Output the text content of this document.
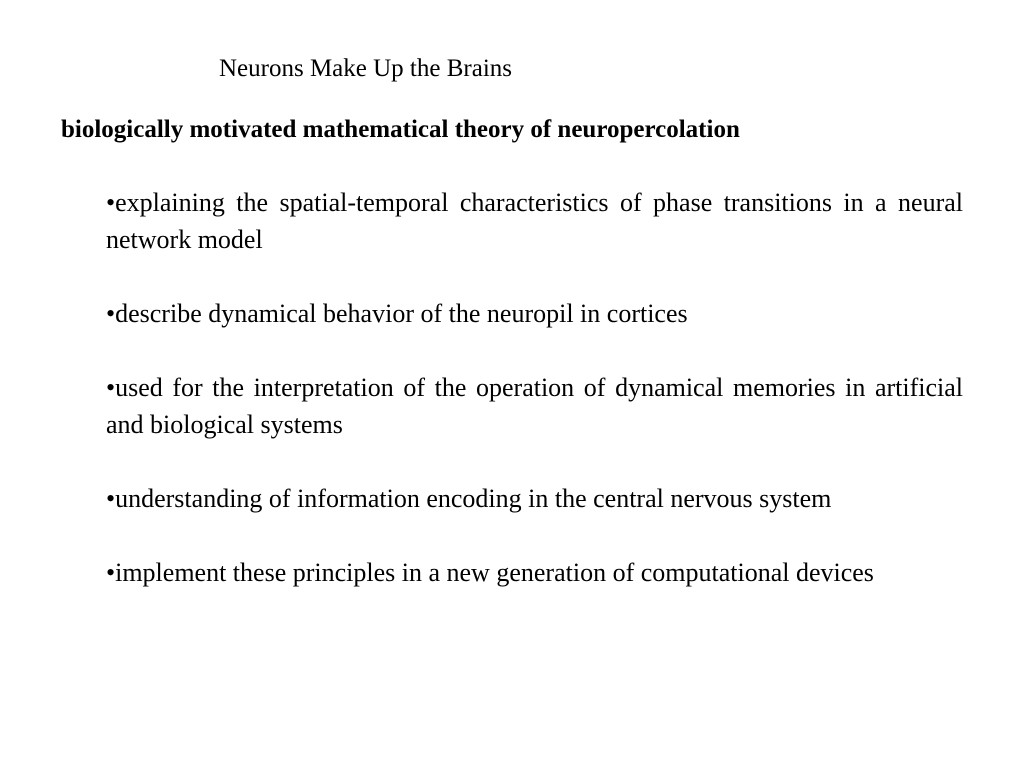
Neurons Make Up the Brains
biologically motivated mathematical theory of neuropercolation
•explaining the spatial-temporal characteristics of phase transitions in a neural network model
•describe dynamical behavior of the neuropil in cortices
•used for the interpretation of the operation of dynamical memories in artificial and biological systems
•understanding of information encoding in the central nervous system
•implement these principles in a new generation of computational devices
